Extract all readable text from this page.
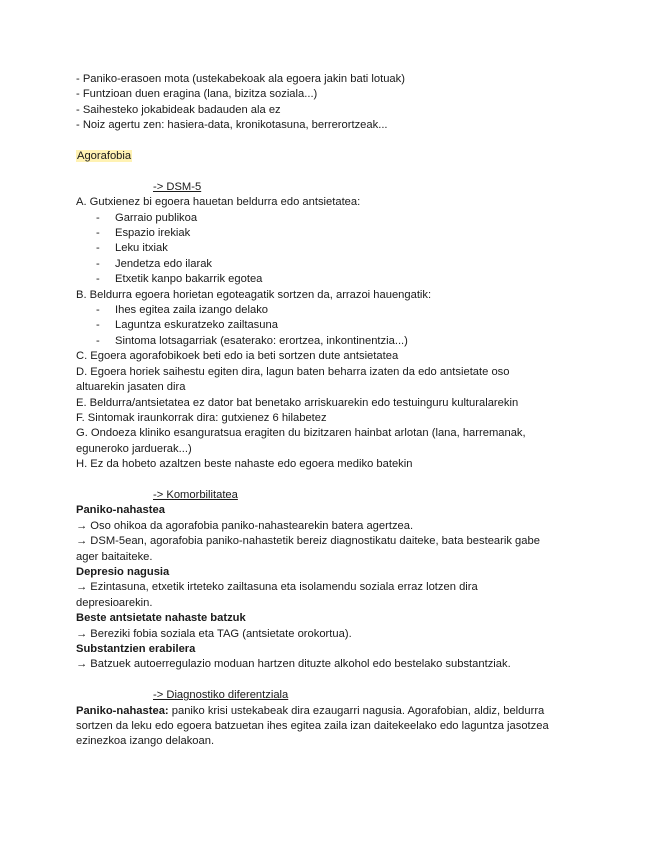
- Paniko-erasoen mota (ustekabekoak ala egoera jakin bati lotuak)
- Funtzioan duen eragina (lana, bizitza soziala...)
- Saihesteko jokabideak badauden ala ez
- Noiz agertu zen: hasiera-data, kronikotasuna, berrerortzeak...
Agorafobia
-> DSM-5
A. Gutxienez bi egoera hauetan beldurra edo antsietatea:
- Garraio publikoa
- Espazio irekiak
- Leku itxiak
- Jendetza edo ilarak
- Etxetik kanpo bakarrik egotea
B. Beldurra egoera horietan egoteagatik sortzen da, arrazoi hauengatik:
- Ihes egitea zaila izango delako
- Laguntza eskuratzeko zailtasuna
- Sintoma lotsagarriak (esaterako: erortzea, inkontinentzia...)
C. Egoera agorafobikoek beti edo ia beti sortzen dute antsietatea
D. Egoera horiek saihestu egiten dira, lagun baten beharra izaten da edo antsietate oso
altuarekin jasaten dira
E. Beldurra/antsietatea ez dator bat benetako arriskuarekin edo testuinguru kulturalarekin
F. Sintomak iraunkorrak dira: gutxienez 6 hilabetez
G. Ondoeza kliniko esanguratsua eragiten du bizitzaren hainbat arlotan (lana, harremanak,
eguneroko jarduerak...)
H. Ez da hobeto azaltzen beste nahaste edo egoera mediko batekin
-> Komorbilitatea
Paniko-nahastea
→ Oso ohikoa da agorafobia paniko-nahastearekin batera agertzea.
→ DSM-5ean, agorafobia paniko-nahastetik bereiz diagnostikatu daiteke, bata bestearik gabe
ager baitaiteke.
Depresio nagusia
→ Ezintasuna, etxetik irteteko zailtasuna eta isolamendu soziala erraz lotzen dira
depresioarekin.
Beste antsietate nahaste batzuk
→ Bereziki fobia soziala eta TAG (antsietate orokortua).
Substantzien erabilera
→ Batzuek autoerregulazio moduan hartzen dituzte alkohol edo bestelako substantziak.
-> Diagnostiko diferentziala
Paniko-nahastea: paniko krisi ustekabeak dira ezaugarri nagusia. Agorafobian, aldiz, beldurra
sortzen da leku edo egoera batzuetan ihes egitea zaila izan daitekeelako edo laguntza jasotzea
ezinezkoa izango delakoan.
